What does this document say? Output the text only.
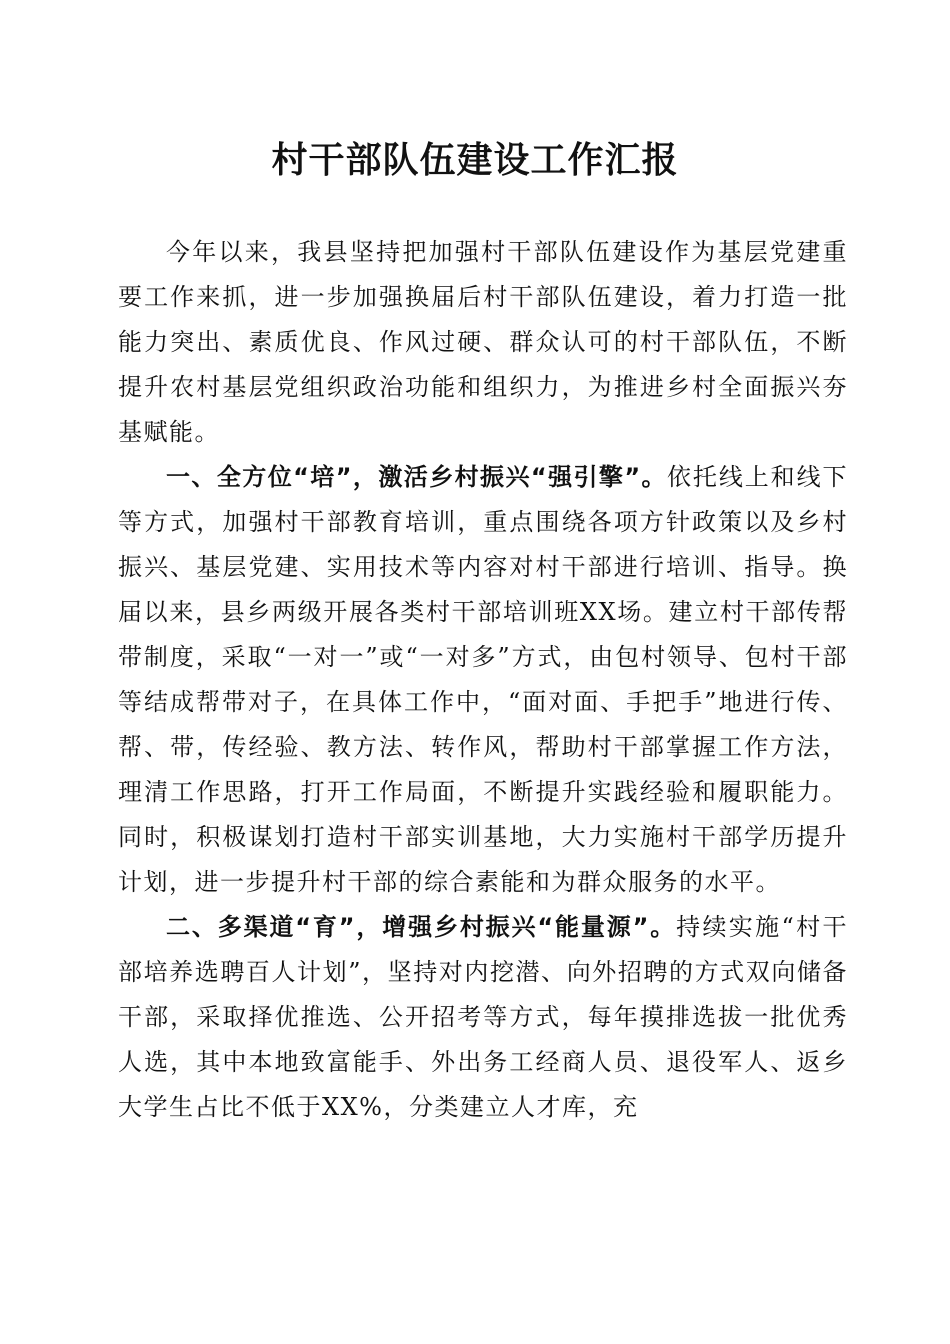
村干部队伍建设工作汇报

今年以来，我县坚持把加强村干部队伍建设作为基层党建重要工作来抓，进一步加强换届后村干部队伍建设，着力打造一批能力突出、素质优良、作风过硬、群众认可的村干部队伍，不断提升农村基层党组织政治功能和组织力，为推进乡村全面振兴夯基赋能。

一、全方位“培”，激活乡村振兴“强引擎”。依托线上和线下等方式，加强村干部教育培训，重点围绕各项方针政策以及乡村振兴、基层党建、实用技术等内容对村干部进行培训、指导。换届以来，县乡两级开展各类村干部培训班XX场。建立村干部传帮带制度，采取“一对一”或“一对多”方式，由包村领导、包村干部等结成帮带对子，在具体工作中，“面对面、手把手”地进行传、帮、带，传经验、教方法、转作风，帮助村干部掌握工作方法，理清工作思路，打开工作局面，不断提升实践经验和履职能力。同时，积极谋划打造村干部实训基地，大力实施村干部学历提升计划，进一步提升村干部的综合素能和为群众服务的水平。

二、多渠道“育”，增强乡村振兴“能量源”。持续实施“村干部培养选聘百人计划”，坚持对内挖潜、向外招聘的方式双向储备干部，采取择优推选、公开招考等方式，每年摸排选拔一批优秀人选，其中本地致富能手、外出务工经商人员、退役军人、返乡大学生占比不低于XX%，分类建立人才库，充
